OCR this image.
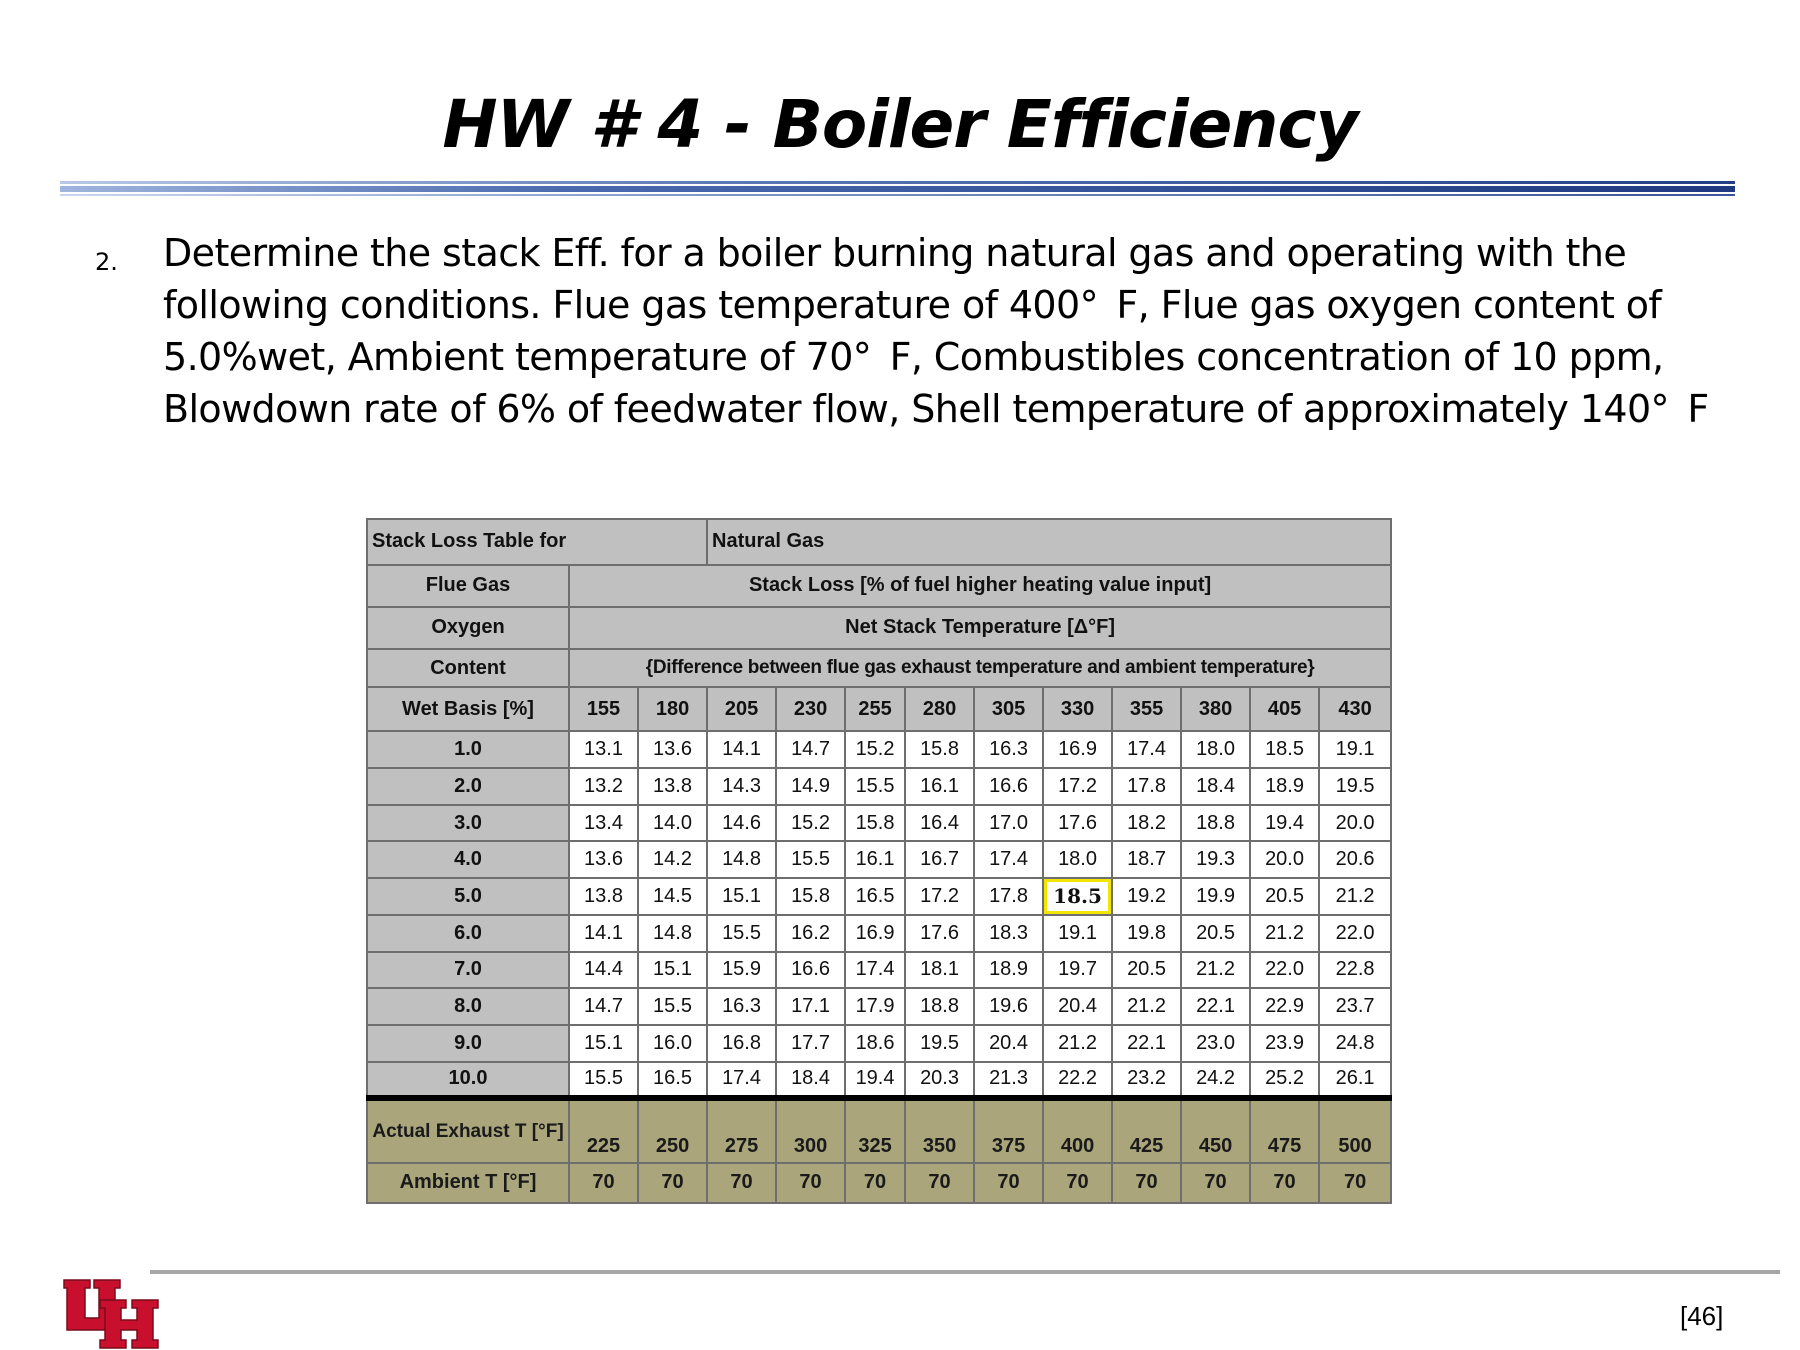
HW # 4 - Boiler Efficiency
2. Determine the stack Eff. for a boiler burning natural gas and operating with the
following conditions. Flue gas temperature of 400° F, Flue gas oxygen content of
5.0%wet, Ambient temperature of 70° F, Combustibles concentration of 10 ppm,
Blowdown rate of 6% of feedwater flow, Shell temperature of approximately 140° F
Stack Loss Table for			Natural Gas									
Flue Gas	Stack Loss [% of fuel higher heating value input]											
Oxygen	Net Stack Temperature [Δ°F]											
Content	{Difference between flue gas exhaust temperature and ambient temperature}											
Wet Basis [%]	155	180	205	230	255	280	305	330	355	380	405	430
1.0	13.1	13.6	14.1	14.7	15.2	15.8	16.3	16.9	17.4	18.0	18.5	19.1
2.0	13.2	13.8	14.3	14.9	15.5	16.1	16.6	17.2	17.8	18.4	18.9	19.5
3.0	13.4	14.0	14.6	15.2	15.8	16.4	17.0	17.6	18.2	18.8	19.4	20.0
4.0	13.6	14.2	14.8	15.5	16.1	16.7	17.4	18.0	18.7	19.3	20.0	20.6
5.0	13.8	14.5	15.1	15.8	16.5	17.2	17.8	18.5	19.2	19.9	20.5	21.2
6.0	14.1	14.8	15.5	16.2	16.9	17.6	18.3	19.1	19.8	20.5	21.2	22.0
7.0	14.4	15.1	15.9	16.6	17.4	18.1	18.9	19.7	20.5	21.2	22.0	22.8
8.0	14.7	15.5	16.3	17.1	17.9	18.8	19.6	20.4	21.2	22.1	22.9	23.7
9.0	15.1	16.0	16.8	17.7	18.6	19.5	20.4	21.2	22.1	23.0	23.9	24.8
10.0	15.5	16.5	17.4	18.4	19.4	20.3	21.3	22.2	23.2	24.2	25.2	26.1
Actual Exhaust T [°F]	225	250	275	300	325	350	375	400	425	450	475	500
Ambient T [°F]	70	70	70	70	70	70	70	70	70	70	70	70
[46]
